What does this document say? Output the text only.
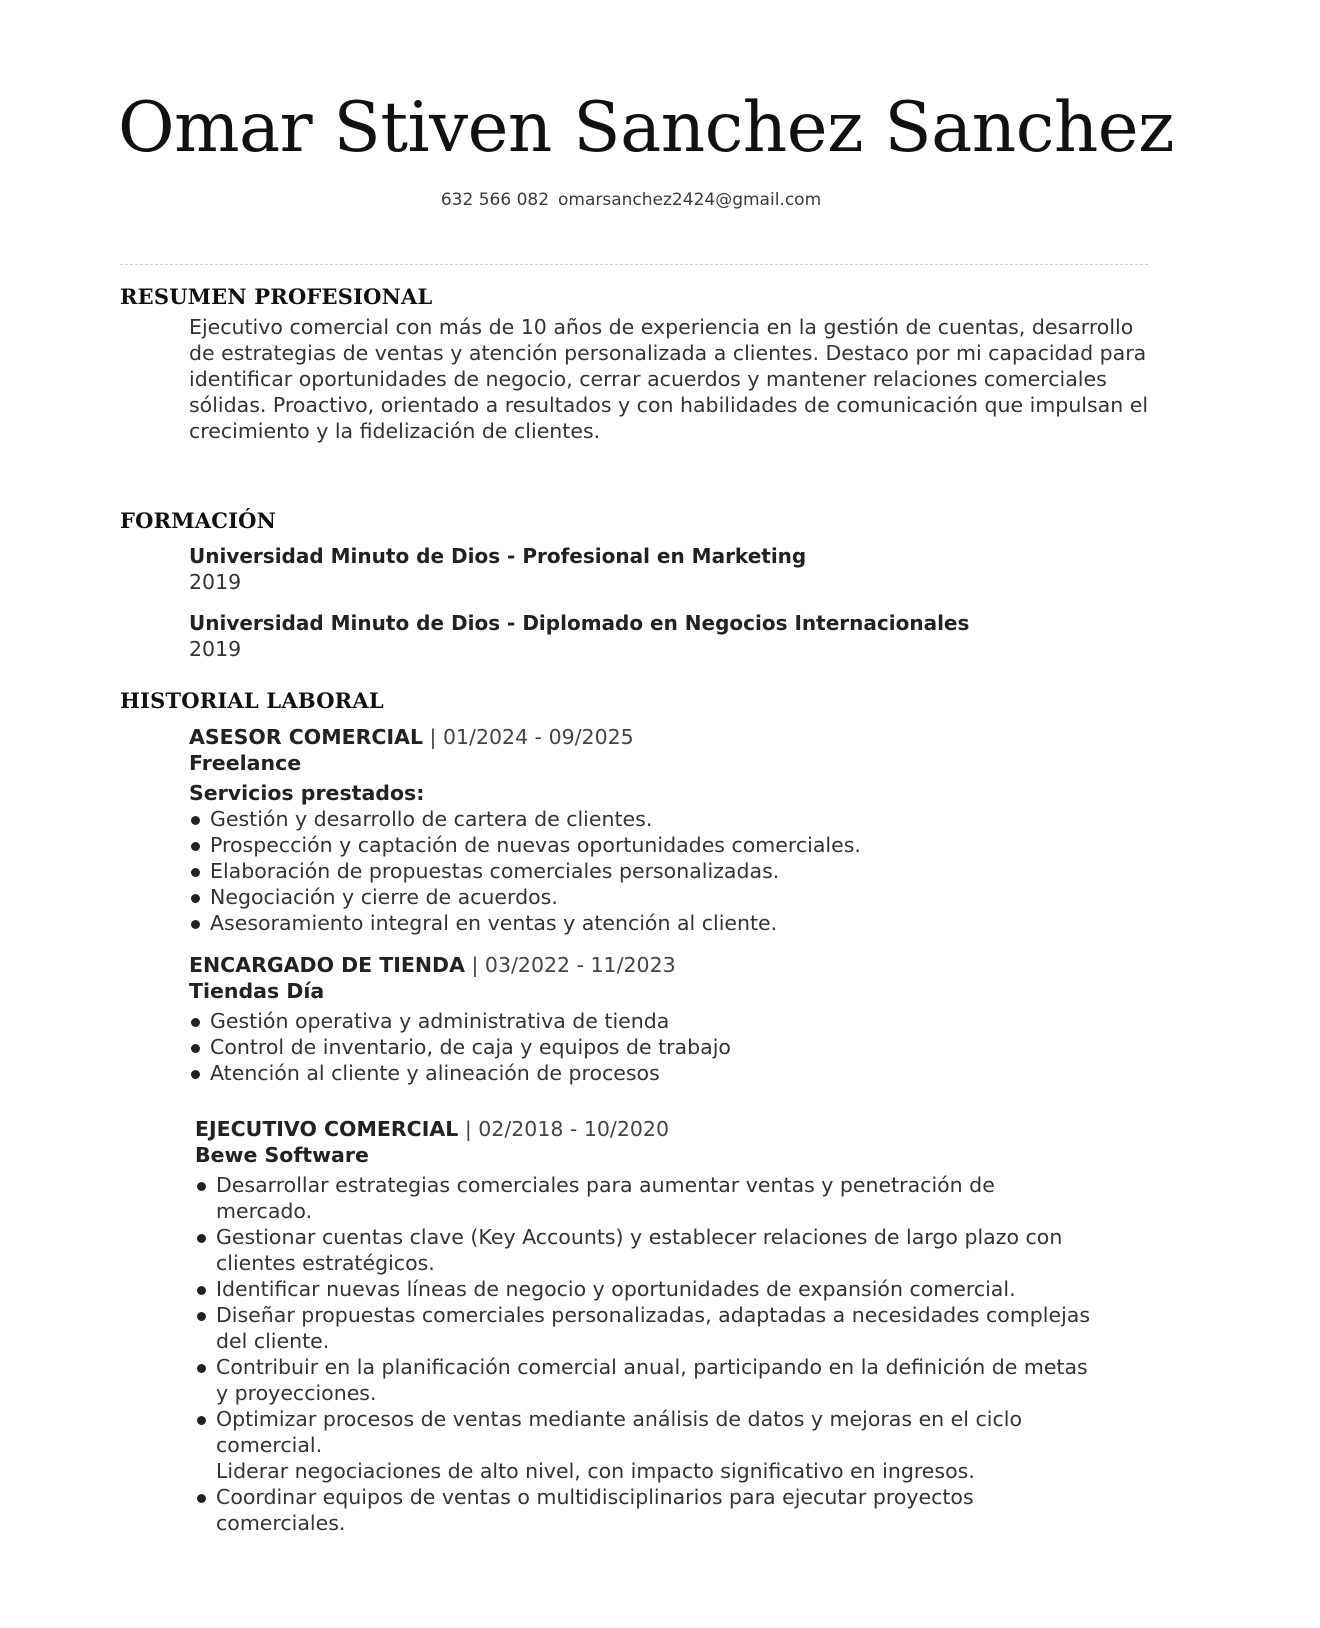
Omar Stiven Sanchez Sanchez
632 566 082 omarsanchez2424@gmail.com
RESUMEN PROFESIONAL

Ejecutivo comercial con más de 10 años de experiencia en la gestión de cuentas, desarrollo de estrategias de ventas y atención personalizada a clientes. Destaco por mi capacidad para identificar oportunidades de negocio, cerrar acuerdos y mantener relaciones comerciales sólidas. Proactivo, orientado a resultados y con habilidades de comunicación que impulsan el crecimiento y la fidelización de clientes.

FORMACIÓN
Universidad Minuto de Dios - Profesional en Marketing
2019
Universidad Minuto de Dios - Diplomado en Negocios Internacionales
2019
HISTORIAL LABORAL
ASESOR COMERCIAL | 01/2024 - 09/2025
Freelance
Servicios prestados:
Gestión y desarrollo de cartera de clientes.
Prospección y captación de nuevas oportunidades comerciales.
Elaboración de propuestas comerciales personalizadas.
Negociación y cierre de acuerdos.
Asesoramiento integral en ventas y atención al cliente.
ENCARGADO DE TIENDA | 03/2022 - 11/2023
Tiendas Día
Gestión operativa y administrativa de tienda
Control de inventario, de caja y equipos de trabajo
Atención al cliente y alineación de procesos
EJECUTIVO COMERCIAL | 02/2018 - 10/2020
Bewe Software
Desarrollar estrategias comerciales para aumentar ventas y penetración de mercado.
Gestionar cuentas clave (Key Accounts) y establecer relaciones de largo plazo con clientes estratégicos.
Identificar nuevas líneas de negocio y oportunidades de expansión comercial.
Diseñar propuestas comerciales personalizadas, adaptadas a necesidades complejas del cliente.
Contribuir en la planificación comercial anual, participando en la definición de metas y proyecciones.
Optimizar procesos de ventas mediante análisis de datos y mejoras en el ciclo comercial.
Liderar negociaciones de alto nivel, con impacto significativo en ingresos.
Coordinar equipos de ventas o multidisciplinarios para ejecutar proyectos comerciales.
